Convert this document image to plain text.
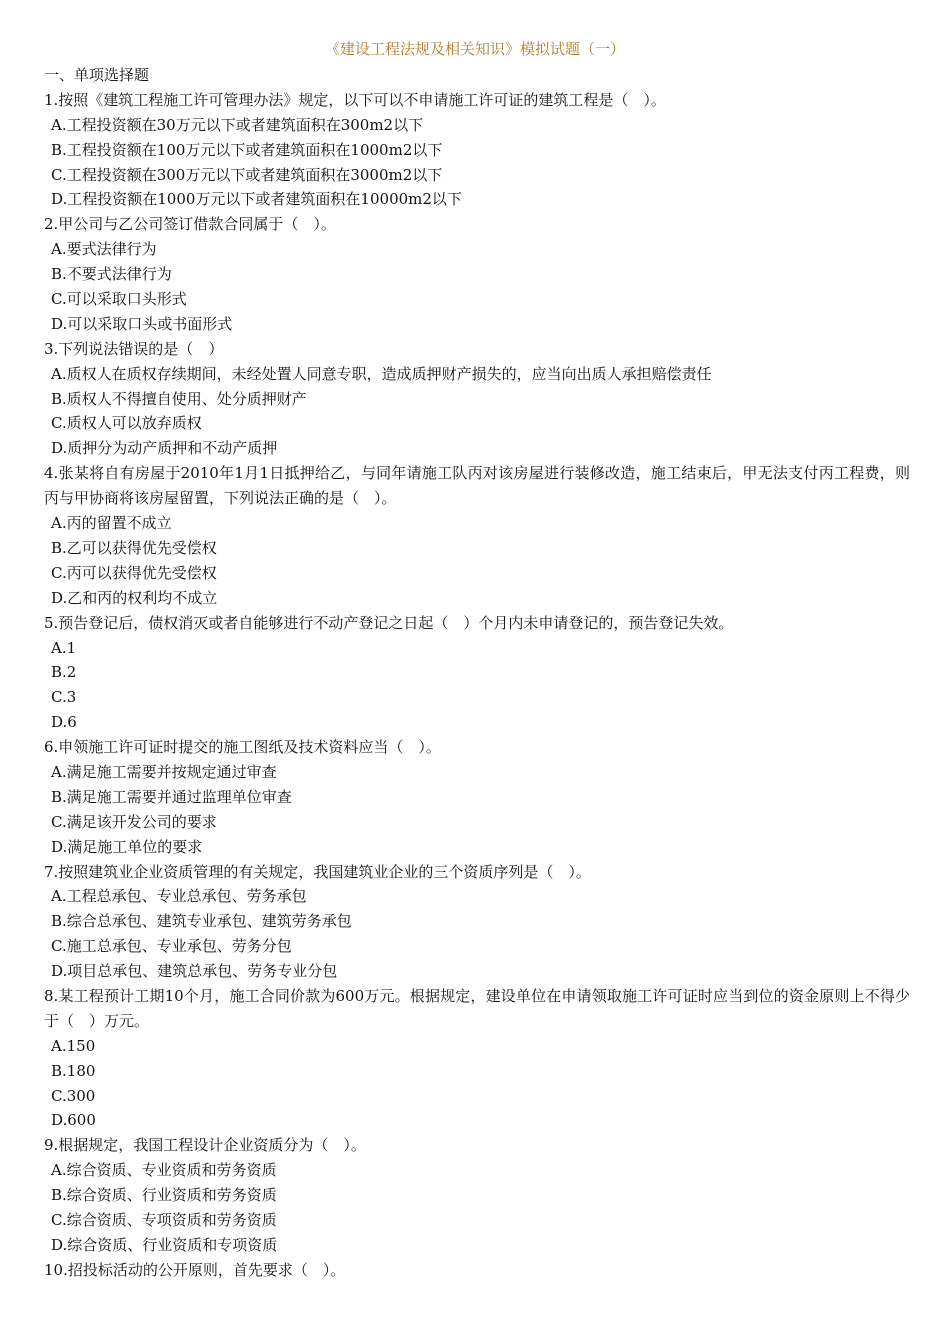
《建设工程法规及相关知识》模拟试题（一）
一、单项选择题
1.按照《建筑工程施工许可管理办法》规定，以下可以不申请施工许可证的建筑工程是（　）。
A.工程投资额在30万元以下或者建筑面积在300m2以下
B.工程投资额在100万元以下或者建筑面积在1000m2以下
C.工程投资额在300万元以下或者建筑面积在3000m2以下
D.工程投资额在1000万元以下或者建筑面积在10000m2以下
2.甲公司与乙公司签订借款合同属于（　）。
A.要式法律行为
B.不要式法律行为
C.可以采取口头形式
D.可以采取口头或书面形式
3.下列说法错误的是（　）
A.质权人在质权存续期间，未经处置人同意专职，造成质押财产损失的，应当向出质人承担赔偿责任
B.质权人不得擅自使用、处分质押财产
C.质权人可以放弃质权
D.质押分为动产质押和不动产质押
4.张某将自有房屋于2010年1月1日抵押给乙，与同年请施工队丙对该房屋进行装修改造，施工结束后，甲无法支付丙工程费，则丙与甲协商将该房屋留置，下列说法正确的是（　）。
A.丙的留置不成立
B.乙可以获得优先受偿权
C.丙可以获得优先受偿权
D.乙和丙的权利均不成立
5.预告登记后，债权消灭或者自能够进行不动产登记之日起（　）个月内未申请登记的，预告登记失效。
A.1
B.2
C.3
D.6
6.申领施工许可证时提交的施工图纸及技术资料应当（　）。
A.满足施工需要并按规定通过审查
B.满足施工需要并通过监理单位审查
C.满足该开发公司的要求
D.满足施工单位的要求
7.按照建筑业企业资质管理的有关规定，我国建筑业企业的三个资质序列是（　）。
A.工程总承包、专业总承包、劳务承包
B.综合总承包、建筑专业承包、建筑劳务承包
C.施工总承包、专业承包、劳务分包
D.项目总承包、建筑总承包、劳务专业分包
8.某工程预计工期10个月，施工合同价款为600万元。根据规定，建设单位在申请领取施工许可证时应当到位的资金原则上不得少于（　）万元。
A.150
B.180
C.300
D.600
9.根据规定，我国工程设计企业资质分为（　）。
A.综合资质、专业资质和劳务资质
B.综合资质、行业资质和劳务资质
C.综合资质、专项资质和劳务资质
D.综合资质、行业资质和专项资质
10.招投标活动的公开原则，首先要求（　）。
